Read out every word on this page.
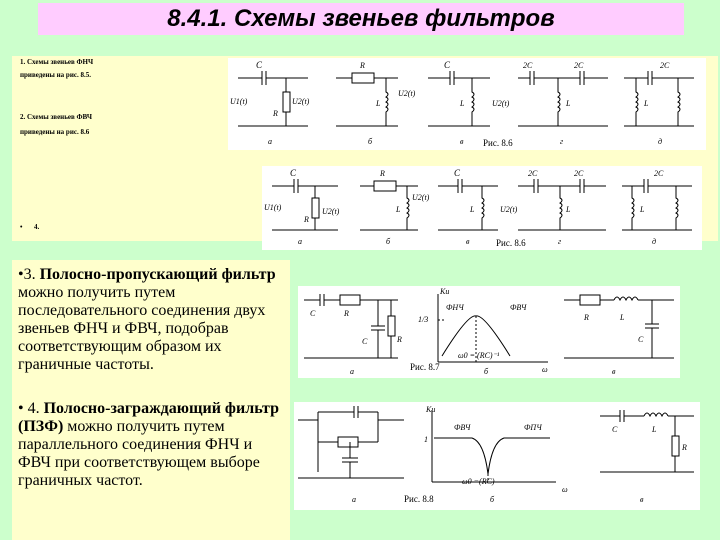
8.4.1. Схемы звеньев фильтров
1. Схемы звеньев ФНЧ
приведены на рис. 8.5.
2. Схемы звеньев ФВЧ
приведены на рис. 8.6
• 4.
•3. Полосно-пропускающий фильтр можно получить путем последовательного соединения двух звеньев ФНЧ и ФВЧ, подобрав соответствующим образом их граничные частоты.
• 4. Полосно-заграждающий фильтр (ПЗФ) можно получить путем параллельного соединения ФНЧ и ФВЧ при соответствующем выборе граничных частот.
C
U1(t)	U2(t)
R
R
L
U2(t)
C
L	U2(t)
2C	2C
L
2C
L
Рис. 8.6
а	б	в	г	д
C
U1(t)	U2(t)
R
R
L
U2(t)
C
L	U2(t)
2C	2C
L
2C
L
Рис. 8.6
а	б	в	г	д
C	R
C	R
Ku
1/3
ФНЧ	ФВЧ
ω0 = (RC)⁻¹
ω
R	L
C
Рис. 8.7
а	б	в
Ku
1
ФВЧ	ФПЧ
ω0 =(RC)
ω
C	L
R
Рис. 8.8
а	б	в
